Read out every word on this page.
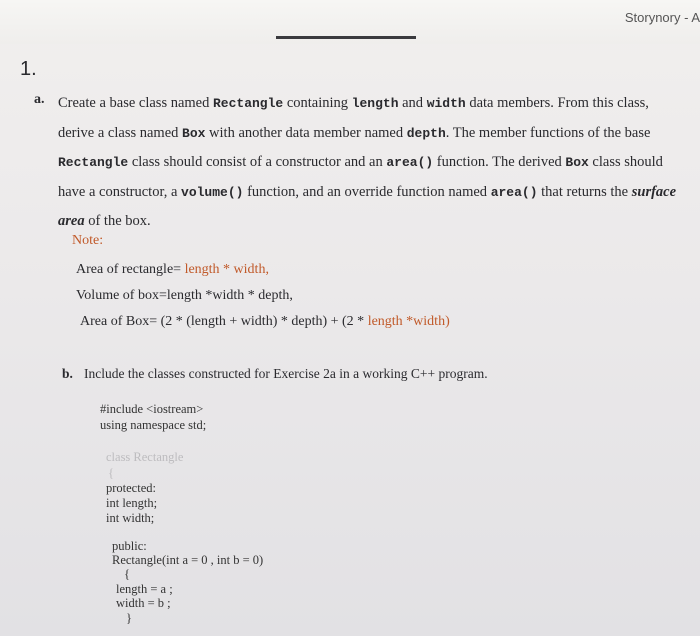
Storynory - A
1.
a. Create a base class named Rectangle containing length and width data members. From this class, derive a class named Box with another data member named depth. The member functions of the base Rectangle class should consist of a constructor and an area() function. The derived Box class should have a constructor, a volume() function, and an override function named area() that returns the surface area of the box.
Note:
Area of rectangle= length * width,
Volume of box=length *width * depth,
Area of Box= (2 * (length + width) * depth) + (2 * length *width)
b. Include the classes constructed for Exercise 2a in a working C++ program.
#include <iostream>
using namespace std;
class Rectangle
{
protected:
int length;
int width;
public:
Rectangle(int a = 0 , int b = 0)
{
length = a ;
width = b ;
}
